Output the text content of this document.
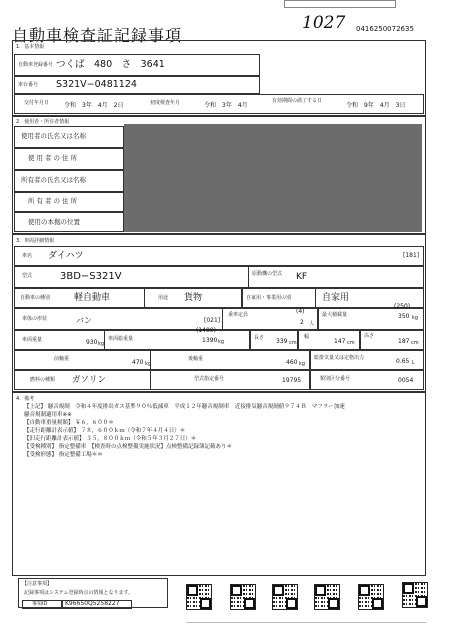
自動車検査証記録事項
1027 0416250072635
1．基本情報
自動車登録番号 つくば　480　さ　3641
車台番号 S321V−0481124
交付年月日 令和　3年　4月　2日	初度検査年月	令和　3年　4月
有効期間の満了する日
令和　9年　4月　3日
2．使用者・所有者情報
使用者の氏名又は名称
使用者の住所
所有者の氏名又は名称
所有者の住所
使用の本拠の位置
3．車両詳細情報
車名 ダイハツ	[181]
型式	3BD−S321V	原動機の型式 KF
自動車の種別	軽自動車	用途 貨物	自家用・事業用の別	自家用
車体の形状	バン	[021]
乗車定員	(4)
2 人
最大積載量
(250)
350 kg
車両重量	930 kg
車両総重量
(1400)
1390 kg
長さ 339 cm
幅
147 cm
高さ
187 cm
前軸重	470 kg
後軸重	460 kg
総排気量又は定格出力	0.65 L
燃料の種類 ガソリン	型式指定番号	19795	類別区分番号	0054
4．備考
【上記】 騒音規制　令和４年度排出ガス基準９０％低減車　平成１２年騒音規制車　近接排気騒音規制値９７４Ｂ　マフラー加速
騒音規制適用車※※
【自動車重量税額】 ￥６，６００＊
【走行距離計表示値】 ７８，６００ｋｍ（令和７年４月４日）＊
【旧走行距離計表示値】 ３５，８００ｋｍ（令和５年３月２７日）＊
【受検種別】 指定整備車　【検査時の点検整備実施状況】点検整備記録簿記載あり＊
【受検形態】 指定整備工場＊＊
【注意事項】
記録事項はシステム登録時点の情報となります。
事項ID	K96650Q5258227
